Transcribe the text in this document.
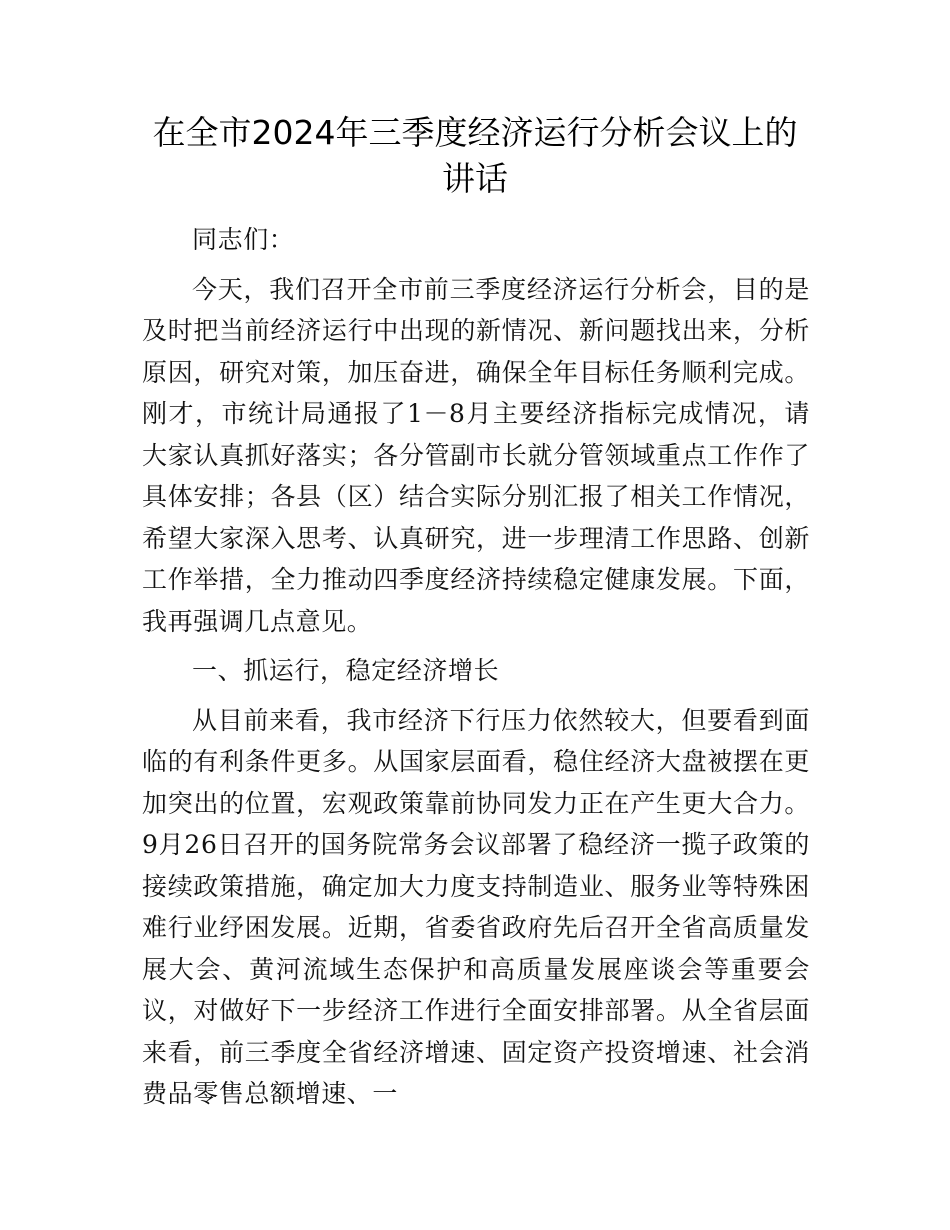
在全市2024年三季度经济运行分析会议上的讲话

同志们：

今天，我们召开全市前三季度经济运行分析会，目的是及时把当前经济运行中出现的新情况、新问题找出来，分析原因，研究对策，加压奋进，确保全年目标任务顺利完成。刚才，市统计局通报了1－8月主要经济指标完成情况，请大家认真抓好落实；各分管副市长就分管领域重点工作作了具体安排；各县（区）结合实际分别汇报了相关工作情况，希望大家深入思考、认真研究，进一步理清工作思路、创新工作举措，全力推动四季度经济持续稳定健康发展。下面，我再强调几点意见。

一、抓运行，稳定经济增长

从目前来看，我市经济下行压力依然较大，但要看到面临的有利条件更多。从国家层面看，稳住经济大盘被摆在更加突出的位置，宏观政策靠前协同发力正在产生更大合力。9月26日召开的国务院常务会议部署了稳经济一揽子政策的接续政策措施，确定加大力度支持制造业、服务业等特殊困难行业纾困发展。近期，省委省政府先后召开全省高质量发展大会、黄河流域生态保护和高质量发展座谈会等重要会议，对做好下一步经济工作进行全面安排部署。从全省层面来看，前三季度全省经济增速、固定资产投资增速、社会消费品零售总额增速、一
